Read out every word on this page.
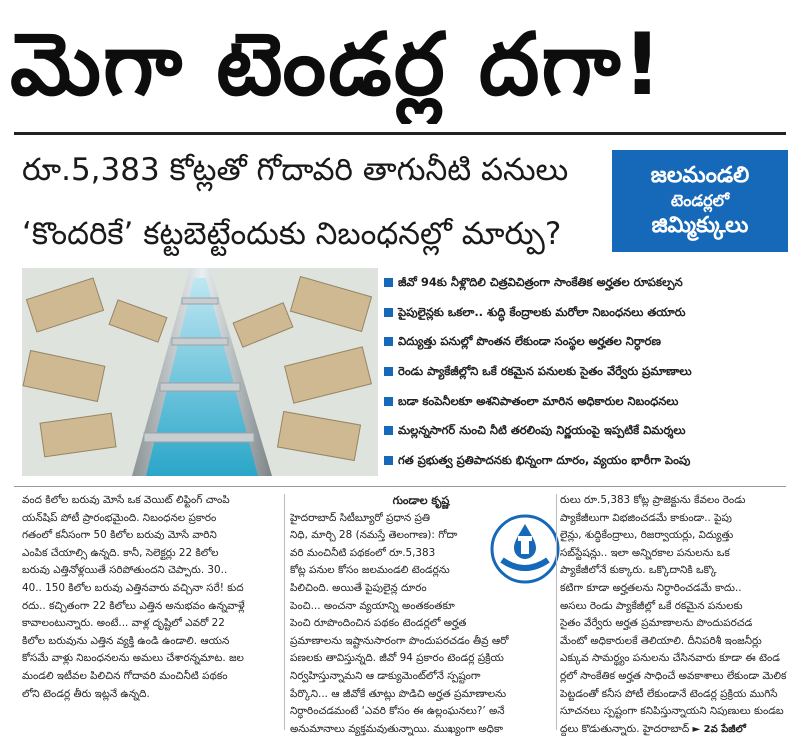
మెగా టెండర్ల దగా!
రూ.5,383 కోట్లతో గోదావరి తాగునీటి పనులు
‘కొందరికే’ కట్టబెట్టేందుకు నిబంధనల్లో మార్పు?
జలమండలి
టెండర్లలో
జిమ్మిక్కులు
జీవో 94కు నీళ్లొదిలి చిత్రవిచిత్రంగా సాంకేతిక అర్హతల రూపకల్పన
పైపులైన్లకు ఒకలా.. శుద్ధి కేంద్రాలకు మరోలా నిబంధనలు తయారు
విద్యుత్తు పనుల్లో పొంతన లేకుండా సంస్థల అర్హతల నిర్ధారణ
రెండు ప్యాకేజీల్లోని ఒకే రకమైన పనులకు సైతం వేర్వేరు ప్రమాణాలు
బడా కంపెనీలకూ అశనిపాతంలా మారిన అధికారుల నిబంధనలు
మల్లన్నసాగర్ నుంచి నీటి తరలింపు నిర్ణయంపై ఇప్పటికే విమర్శలు
గత ప్రభుత్వ ప్రతిపాదనకు భిన్నంగా దూరం, వ్యయం భారీగా పెంపు

వంద కిలోల బరువు మోసే ఒక వెయిట్ లిఫ్టింగ్ చాంపి

యన్‌షిప్ పోటీ ప్రారంభమైంది. నిబంధనల ప్రకారం

గతంలో కనీసంగా 50 కిలోల బరువు మోసే వారిని

ఎంపిక చేయాల్సి ఉన్నది. కానీ, సెలెక్టర్లు 22 కిలోల

బరువు ఎత్తినోళ్లయితే సరిపోతుందని చెప్పారు. 30..

40.. 150 కిలోల బరువు ఎత్తినవారు వచ్చినా సరే! కుద

రదు.. కచ్చితంగా 22 కిలోలు ఎత్తిన అనుభవం ఉన్నవాళ్లే

కావాలంటున్నారు. అంటే... వాళ్ల దృష్టిలో ఎవరో 22

కిలోల బరువును ఎత్తిన వ్యక్తి ఉండి ఉండాలి. ఆయన

కోసమే వాళ్లు నిబంధనలను అమలు చేశారన్నమాట. జల

మండలి ఇటీవల పిలిచిన గోదావరి మంచినీటి పథకం

లోని టెండర్ల తీరు ఇట్లనే ఉన్నది.

గుండాల కృష్ణ

హైదరాబాద్ సిటీబ్యూరో ప్రధాన ప్రతి

నిధి, మార్చి 28 (నమస్తే తెలంగాణ): గోదా

వరి మంచినీటి పథకంలో రూ.5,383

కోట్ల పనుల కోసం జలమండలి టెండర్లను

పిలిచింది. అయితే పైపులైన్ల దూరం

పెంచి... అంచనా వ్యయాన్ని అంతకంతకూ

పెంచి రూపొందించిన పథకం టెండర్లలో అర్హత

ప్రమాణాలను ఇష్టానుసారంగా పొందుపరచడం తీవ్ర ఆరో

పణలకు తావిస్తున్నది. జీవో 94 ప్రకారం టెండర్ల ప్రక్రియ

నిర్వహిస్తున్నామని ఆ డాక్యుమెంట్‌లోనే స్పష్టంగా

పేర్కొని... ఆ జీవోకే తూట్లు పొడిచి అర్హత ప్రమాణాలను

నిర్ధారించడమంటే ‘ఎవరి కోసం ఈ ఉల్లంఘనలు?’ అనే

అనుమానాలు వ్యక్తమవుతున్నాయి. ముఖ్యంగా అధికా

రులు రూ.5,383 కోట్ల ప్రాజెక్టును కేవలం రెండు

ప్యాకేజీలుగా విభజించడమే కాకుండా.. పైపు

లైన్లు, శుద్ధికేంద్రాలు, రిజర్వాయర్లు, విద్యుత్తు

సబ్‌స్టేషన్లు.. ఇలా అన్నిరకాల పనులను ఒక

ప్యాకేజీలోనే కుక్కారు. ఒక్కొదానికి ఒక్కొ

కటిగా కూడా అర్హతలను నిర్ధారించడమే కాదు..

అసలు రెండు ప్యాకేజీల్లో ఒకే రకమైన పనులకు

సైతం వేర్వేరు అర్హత ప్రమాణాలను పొందుపరచడ

మేంటో అధికారులకే తెలియాలి. దీనిపరిశీ ఇంజనీర్లు

ఎక్కువ సామర్థ్యం పనులను చేసినవారు కూడా ఈ టెండ

ర్లలో సాంకేతిక అర్హత సాధించే అవకాశాలు లేకుండా మెలిక

పెట్టడంతో కనీస పోటీ లేకుండానే టెండర్ల ప్రక్రియ ముగిసే

సూచనలు స్పష్టంగా కనిపిస్తున్నాయని నిపుణులు కుండబ

ద్దలు కొడుతున్నారు. హైదరాబాద్ ► 2వ పేజీలో
